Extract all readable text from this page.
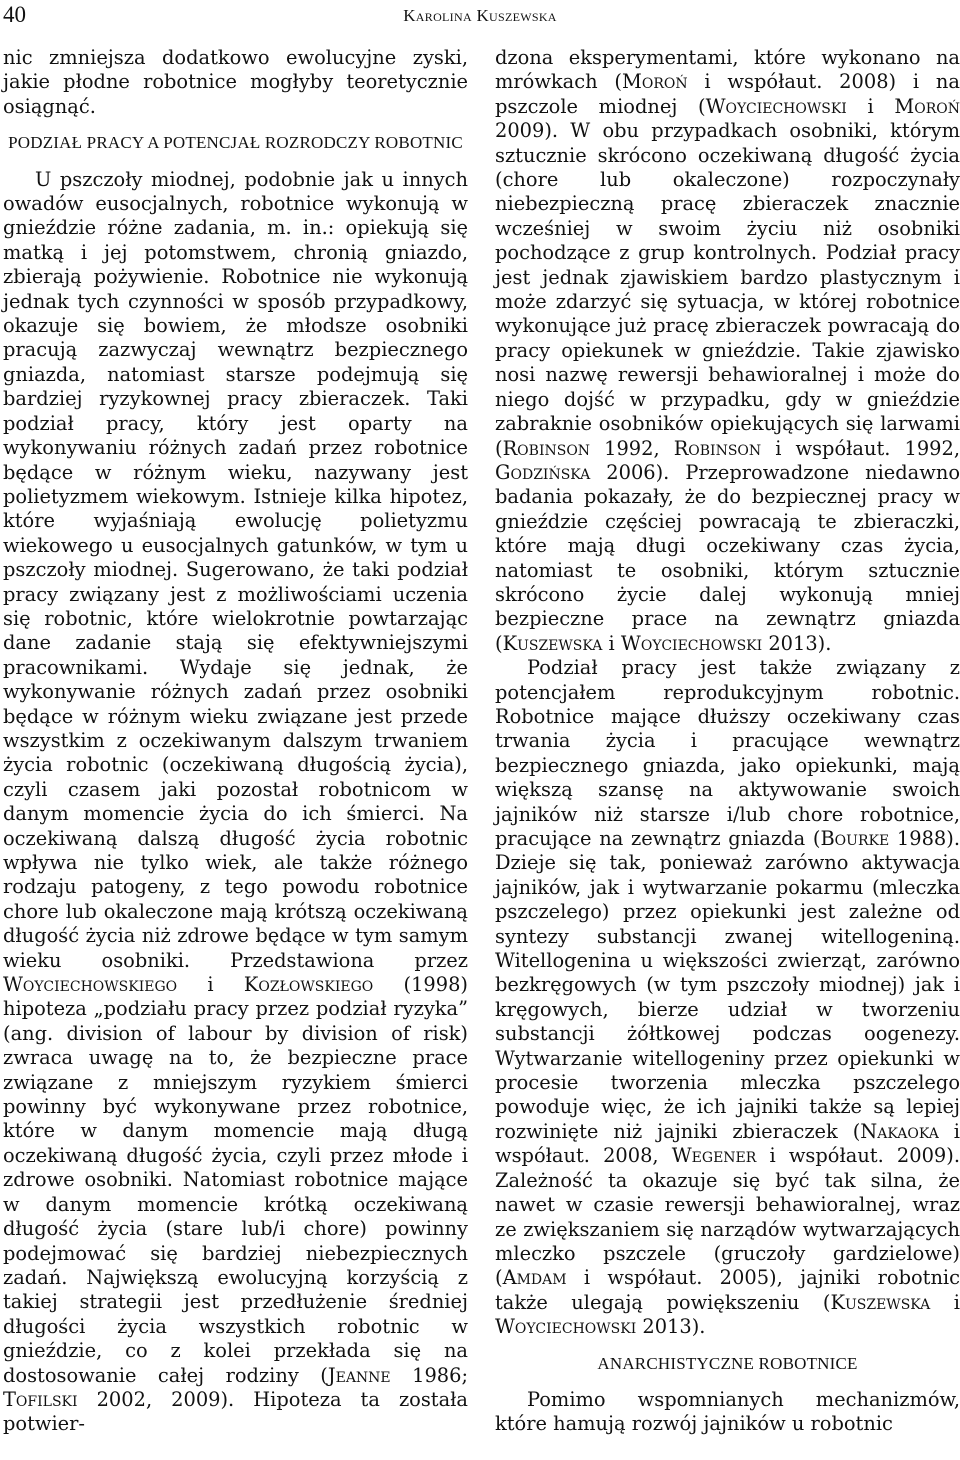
40	Karolina Kuszewska

nic zmniejsza dodatkowo ewolucyjne zyski, jakie płodne robotnice mogłyby teoretycznie osiągnąć.

PODZIAŁ PRACY A POTENCJAŁ ROZRODCZY ROBOTNIC

U pszczoły miodnej, podobnie jak u innych owadów eusocjalnych, robotnice wykonują w gnieździe różne zadania, m. in.: opiekują się matką i jej potomstwem, chronią gniazdo, zbierają pożywienie. Robotnice nie wykonują jednak tych czynności w sposób przypadkowy, okazuje się bowiem, że młodsze osobniki pracują zazwyczaj wewnątrz bezpiecznego gniazda, natomiast starsze podejmują się bardziej ryzykownej pracy zbieraczek. Taki podział pracy, który jest oparty na wykonywaniu różnych zadań przez robotnice będące w różnym wieku, nazywany jest polietyzmem wiekowym. Istnieje kilka hipotez, które wyjaśniają ewolucję polietyzmu wiekowego u eusocjalnych gatunków, w tym u pszczoły miodnej. Sugerowano, że taki podział pracy związany jest z możliwościami uczenia się robotnic, które wielokrotnie powtarzając dane zadanie stają się efektywniejszymi pracownikami. Wydaje się jednak, że wykonywanie różnych zadań przez osobniki będące w różnym wieku związane jest przede wszystkim z oczekiwanym dalszym trwaniem życia robotnic (oczekiwaną długością życia), czyli czasem jaki pozostał robotnicom w danym momencie życia do ich śmierci. Na oczekiwaną dalszą długość życia robotnic wpływa nie tylko wiek, ale także różnego rodzaju patogeny, z tego powodu robotnice chore lub okaleczone mają krótszą oczekiwaną długość życia niż zdrowe będące w tym samym wieku osobniki. Przedstawiona przez Woyciechowskiego i Kozłowskiego (1998) hipoteza „podziału pracy przez podział ryzyka” (ang. division of labour by division of risk) zwraca uwagę na to, że bezpieczne prace związane z mniejszym ryzykiem śmierci powinny być wykonywane przez robotnice, które w danym momencie mają długą oczekiwaną długość życia, czyli przez młode i zdrowe osobniki. Natomiast robotnice mające w danym momencie krótką oczekiwaną długość życia (stare lub/i chore) powinny podejmować się bardziej niebezpiecznych zadań. Największą ewolucyjną korzyścią z takiej strategii jest przedłużenie średniej długości życia wszystkich robotnic w gnieździe, co z kolei przekłada się na dostosowanie całej rodziny (Jeanne 1986; Tofilski 2002, 2009). Hipoteza ta została potwier-

dzona eksperymentami, które wykonano na mrówkach (Moroń i współaut. 2008) i na pszczole miodnej (Woyciechowski i Moroń 2009). W obu przypadkach osobniki, którym sztucznie skrócono oczekiwaną długość życia (chore lub okaleczone) rozpoczynały niebezpieczną pracę zbieraczek znacznie wcześniej w swoim życiu niż osobniki pochodzące z grup kontrolnych. Podział pracy jest jednak zjawiskiem bardzo plastycznym i może zdarzyć się sytuacja, w której robotnice wykonujące już pracę zbieraczek powracają do pracy opiekunek w gnieździe. Takie zjawisko nosi nazwę rewersji behawioralnej i może do niego dojść w przypadku, gdy w gnieździe zabraknie osobników opiekujących się larwami (Robinson 1992, Robinson i współaut. 1992, Godzińska 2006). Przeprowadzone niedawno badania pokazały, że do bezpiecznej pracy w gnieździe częściej powracają te zbieraczki, które mają długi oczekiwany czas życia, natomiast te osobniki, którym sztucznie skrócono życie dalej wykonują mniej bezpieczne prace na zewnątrz gniazda (Kuszewska i Woyciechowski 2013).

Podział pracy jest także związany z potencjałem reprodukcyjnym robotnic. Robotnice mające dłuższy oczekiwany czas trwania życia i pracujące wewnątrz bezpiecznego gniazda, jako opiekunki, mają większą szansę na aktywowanie swoich jajników niż starsze i/lub chore robotnice, pracujące na zewnątrz gniazda (Bourke 1988). Dzieje się tak, ponieważ zarówno aktywacja jajników, jak i wytwarzanie pokarmu (mleczka pszczelego) przez opiekunki jest zależne od syntezy substancji zwanej witellogeniną. Witellogenina u większości zwierząt, zarówno bezkręgowych (w tym pszczoły miodnej) jak i kręgowych, bierze udział w tworzeniu substancji żółtkowej podczas oogenezy. Wytwarzanie witellogeniny przez opiekunki w procesie tworzenia mleczka pszczelego powoduje więc, że ich jajniki także są lepiej rozwinięte niż jajniki zbieraczek (Nakaoka i współaut. 2008, Wegener i współaut. 2009). Zależność ta okazuje się być tak silna, że nawet w czasie rewersji behawioralnej, wraz ze zwiększaniem się narządów wytwarzających mleczko pszczele (gruczoły gardzielowe) (Amdam i współaut. 2005), jajniki robotnic także ulegają powiększeniu (Kuszewska i Woyciechowski 2013).

ANARCHISTYCZNE ROBOTNICE

Pomimo wspomnianych mechanizmów, które hamują rozwój jajników u robotnic
